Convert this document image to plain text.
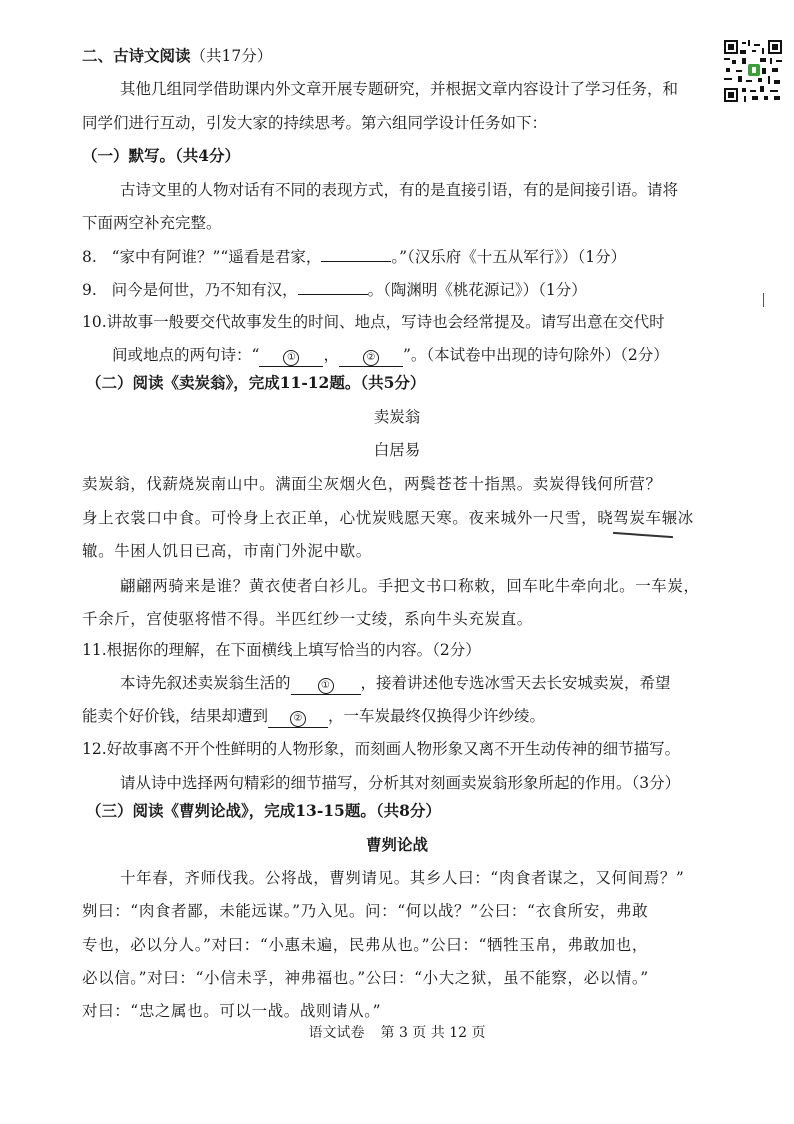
二、古诗文阅读（共17分）
其他几组同学借助课内外文章开展专题研究，并根据文章内容设计了学习任务，和
同学们进行互动，引发大家的持续思考。第六组同学设计任务如下：
（一）默写。（共4分）
古诗文里的人物对话有不同的表现方式，有的是直接引语，有的是间接引语。请将
下面两空补充完整。
8. “家中有阿谁？”“遥看是君家，	。”（汉乐府《十五从军行》）（1分）
9. 问今是何世，乃不知有汉，	。（陶渊明《桃花源记》）（1分）
10.讲故事一般要交代故事发生的时间、地点，写诗也会经常提及。请写出意在交代时
间或地点的两句诗：“	① ，	② ”。（本试卷中出现的诗句除外）（2分）
（二）阅读《卖炭翁》，完成11-12题。（共5分）
卖炭翁
白居易
卖炭翁，伐薪烧炭南山中。满面尘灰烟火色，两鬓苍苍十指黑。卖炭得钱何所营？
身上衣裳口中食。可怜身上衣正单，心忧炭贱愿天寒。夜来城外一尺雪，晓驾炭车辗冰
辙。牛困人饥日已高，市南门外泥中歇。
翩翩两骑来是谁？黄衣使者白衫儿。手把文书口称敕，回车叱牛牵向北。一车炭，
千余斤，宫使驱将惜不得。半匹红纱一丈绫，系向牛头充炭直。
11.根据你的理解，在下面横线上填写恰当的内容。（2分）
本诗先叙述卖炭翁生活的	① ，接着讲述他专选冰雪天去长安城卖炭，希望
能卖个好价钱，结果却遭到	② ，一车炭最终仅换得少许纱绫。
12.好故事离不开个性鲜明的人物形象，而刻画人物形象又离不开生动传神的细节描写。
请从诗中选择两句精彩的细节描写，分析其对刻画卖炭翁形象所起的作用。（3分）
（三）阅读《曹刿论战》，完成13-15题。（共8分）
曹刿论战
十年春，齐师伐我。公将战，曹刿请见。其乡人曰：“肉食者谋之，又何间焉？”
刿曰：“肉食者鄙，未能远谋。”乃入见。问：“何以战？”公曰：“衣食所安，弗敢
专也，必以分人。”对曰：“小惠未遍，民弗从也。”公曰：“牺牲玉帛，弗敢加也，
必以信。”对曰：“小信未孚，神弗福也。”公曰：“小大之狱，虽不能察，必以情。”
对曰：“忠之属也。可以一战。战则请从。”
语文试卷 第 3 页 共 12 页
